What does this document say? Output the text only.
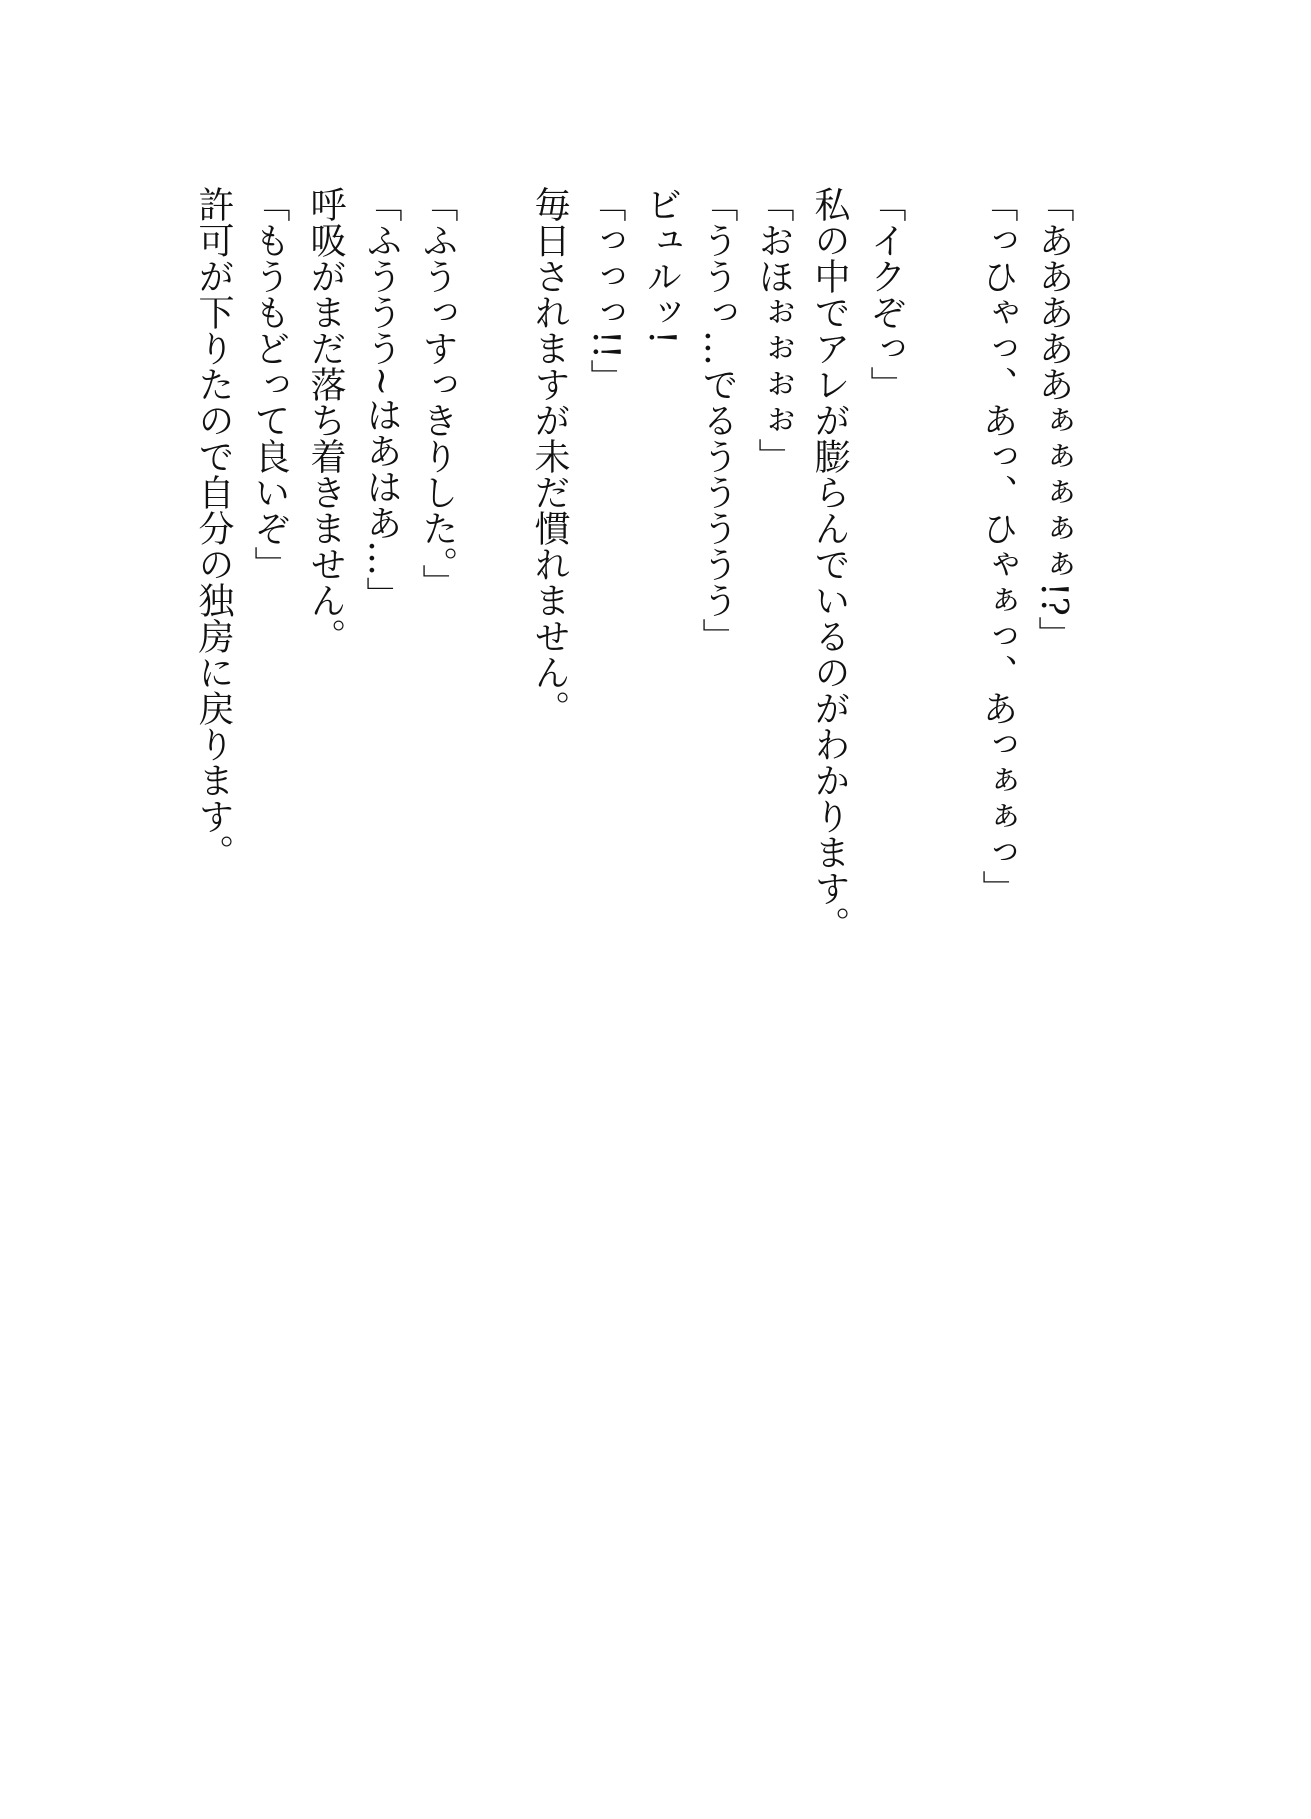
「あああああぁぁぁぁぁ!?」
「っひゃっ、あっ、ひゃぁっ、あっぁぁっ」
「イクぞっ」
私の中でアレが膨らんでいるのがわかります。
「おほぉぉぉぉ」
「ううっ…でるううううう」
ビュルッ!
「っっっ!!」
毎日されますが未だ慣れません。
「ふうっすっきりした。」
「ふううう~はあはあ…」
呼吸がまだ落ち着きません。
「もうもどって良いぞ」
許可が下りたので自分の独房に戻ります。
